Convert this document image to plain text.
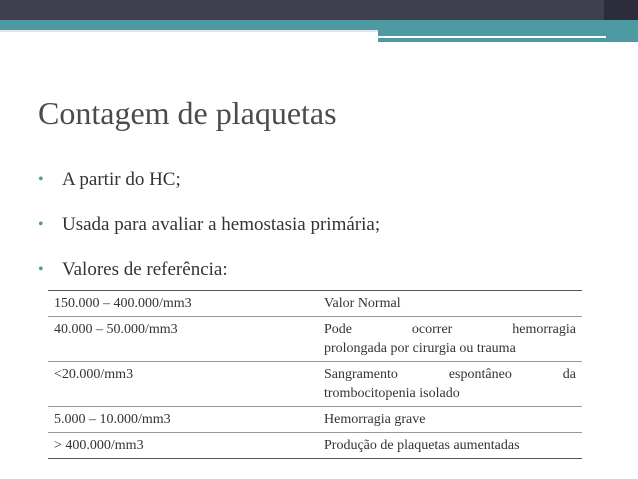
Contagem de plaquetas
• A partir do HC;
• Usada para avaliar a hemostasia primária;
• Valores de referência:
150.000 – 400.000/mm3	Valor Normal
40.000 – 50.000/mm3	Pode ocorrer hemorragia
prolongada por cirurgia ou trauma

<20.000/mm3	Sangramento espontâneo da
trombocitopenia isolado

5.000 – 10.000/mm3	Hemorragia grave
> 400.000/mm3	Produção de plaquetas aumentadas
